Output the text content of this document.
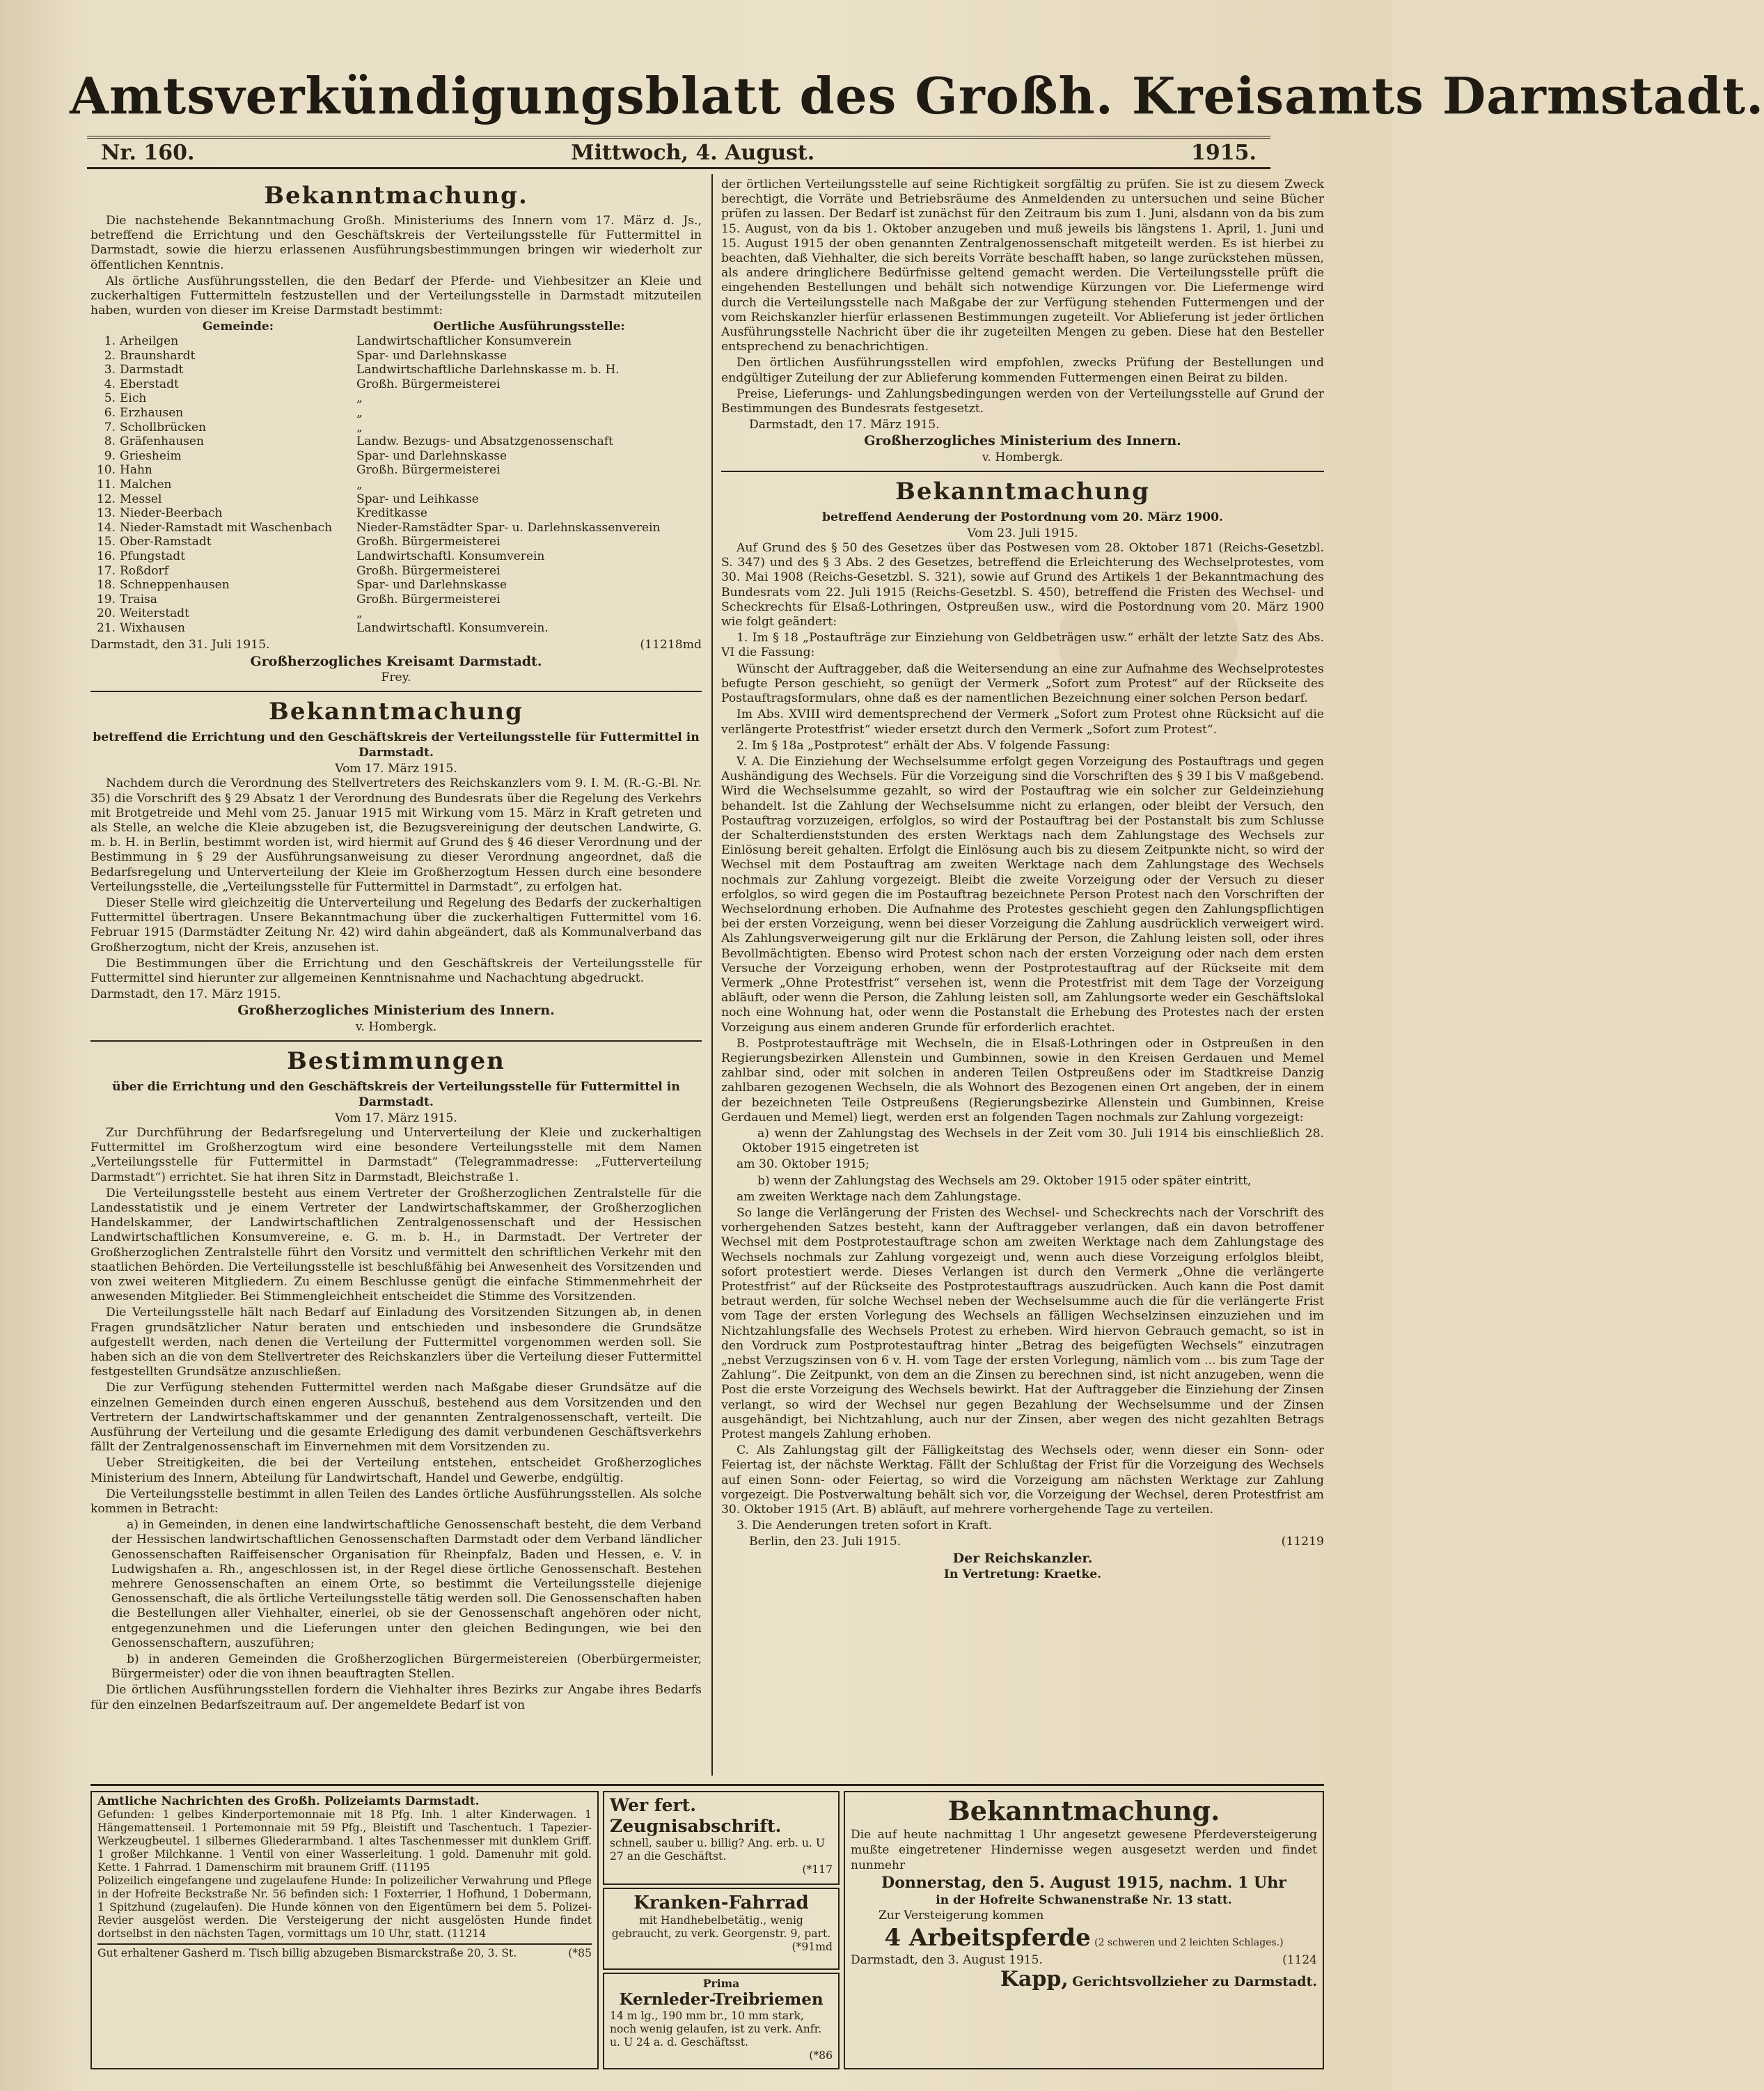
Amtsverkündigungsblatt des Großh. Kreisamts Darmstadt.
Nr. 160.	Mittwoch, 4. August.	1915.
Bekanntmachung.

Die nachstehende Bekanntmachung Großh. Ministeriums des Innern vom 17. März d. Js., betreffend die Errichtung und den Geschäftskreis der Verteilungsstelle für Futtermittel in Darmstadt, sowie die hierzu erlassenen Ausführungsbestimmungen bringen wir wiederholt zur öffentlichen Kenntnis.

Als örtliche Ausführungsstellen, die den Bedarf der Pferde- und Viehbesitzer an Kleie und zuckerhaltigen Futtermitteln festzustellen und der Verteilungsstelle in Darmstadt mitzuteilen haben, wurden von dieser im Kreise Darmstadt bestimmt:

	Gemeinde:	Oertliche Ausführungsstelle:
1.	Arheilgen	Landwirtschaftlicher Konsumverein
2.	Braunshardt	Spar- und Darlehnskasse
3.	Darmstadt	Landwirtschaftliche Darlehnskasse m. b. H.
4.	Eberstadt	Großh. Bürgermeisterei
5.	Eich	„
6.	Erzhausen	„
7.	Schollbrücken	„
8.	Gräfenhausen	Landw. Bezugs- und Absatzgenossenschaft
9.	Griesheim	Spar- und Darlehnskasse
10.	Hahn	Großh. Bürgermeisterei
11.	Malchen	„
12.	Messel	Spar- und Leihkasse
13.	Nieder-Beerbach	Kreditkasse
14.	Nieder-Ramstadt mit Waschenbach	Nieder-Ramstädter Spar- u. Darlehnskassenverein
15.	Ober-Ramstadt	Großh. Bürgermeisterei
16.	Pfungstadt	Landwirtschaftl. Konsumverein
17.	Roßdorf	Großh. Bürgermeisterei
18.	Schneppenhausen	Spar- und Darlehnskasse
19.	Traisa	Großh. Bürgermeisterei
20.	Weiterstadt	„
21.	Wixhausen	Landwirtschaftl. Konsumverein.

Darmstadt, den 31. Juli 1915.	(11218md

Großherzogliches Kreisamt Darmstadt.
Frey.
Bekanntmachung
betreffend die Errichtung und den Geschäftskreis der Verteilungsstelle für Futtermittel in Darmstadt.
Vom 17. März 1915.

Nachdem durch die Verordnung des Stellvertreters des Reichskanzlers vom 9. I. M. (R.-G.-Bl. Nr. 35) die Vorschrift des § 29 Absatz 1 der Verordnung des Bundesrats über die Regelung des Verkehrs mit Brotgetreide und Mehl vom 25. Januar 1915 mit Wirkung vom 15. März in Kraft getreten und als Stelle, an welche die Kleie abzugeben ist, die Bezugsvereinigung der deutschen Landwirte, G. m. b. H. in Berlin, bestimmt worden ist, wird hiermit auf Grund des § 46 dieser Verordnung und der Bestimmung in § 29 der Ausführungsanweisung zu dieser Verordnung angeordnet, daß die Bedarfsregelung und Unterverteilung der Kleie im Großherzogtum Hessen durch eine besondere Verteilungsstelle, die „Verteilungsstelle für Futtermittel in Darmstadt“, zu erfolgen hat.

Dieser Stelle wird gleichzeitig die Unterverteilung und Regelung des Bedarfs der zuckerhaltigen Futtermittel übertragen. Unsere Bekanntmachung über die zuckerhaltigen Futtermittel vom 16. Februar 1915 (Darmstädter Zeitung Nr. 42) wird dahin abgeändert, daß als Kommunalverband das Großherzogtum, nicht der Kreis, anzusehen ist.

Die Bestimmungen über die Errichtung und den Geschäftskreis der Verteilungsstelle für Futtermittel sind hierunter zur allgemeinen Kenntnisnahme und Nachachtung abgedruckt.

Darmstadt, den 17. März 1915.

Großherzogliches Ministerium des Innern.
v. Hombergk.
Bestimmungen
über die Errichtung und den Geschäftskreis der Verteilungsstelle für Futtermittel in Darmstadt.
Vom 17. März 1915.

Zur Durchführung der Bedarfsregelung und Unterverteilung der Kleie und zuckerhaltigen Futtermittel im Großherzogtum wird eine besondere Verteilungsstelle mit dem Namen „Verteilungsstelle für Futtermittel in Darmstadt“ (Telegrammadresse: „Futterverteilung Darmstadt“) errichtet. Sie hat ihren Sitz in Darmstadt, Bleichstraße 1.

Die Verteilungsstelle besteht aus einem Vertreter der Großherzoglichen Zentralstelle für die Landesstatistik und je einem Vertreter der Landwirtschaftskammer, der Großherzoglichen Handelskammer, der Landwirtschaftlichen Zentralgenossenschaft und der Hessischen Landwirtschaftlichen Konsumvereine, e. G. m. b. H., in Darmstadt. Der Vertreter der Großherzoglichen Zentralstelle führt den Vorsitz und vermittelt den schriftlichen Verkehr mit den staatlichen Behörden. Die Verteilungsstelle ist beschlußfähig bei Anwesenheit des Vorsitzenden und von zwei weiteren Mitgliedern. Zu einem Beschlusse genügt die einfache Stimmenmehrheit der anwesenden Mitglieder. Bei Stimmengleichheit entscheidet die Stimme des Vorsitzenden.

Die Verteilungsstelle hält nach Bedarf auf Einladung des Vorsitzenden Sitzungen ab, in denen Fragen grundsätzlicher Natur beraten und entschieden und insbesondere die Grundsätze aufgestellt werden, nach denen die Verteilung der Futtermittel vorgenommen werden soll. Sie haben sich an die von dem Stellvertreter des Reichskanzlers über die Verteilung dieser Futtermittel festgestellten Grundsätze anzuschließen.

Die zur Verfügung stehenden Futtermittel werden nach Maßgabe dieser Grundsätze auf die einzelnen Gemeinden durch einen engeren Ausschuß, bestehend aus dem Vorsitzenden und den Vertretern der Landwirtschaftskammer und der genannten Zentralgenossenschaft, verteilt. Die Ausführung der Verteilung und die gesamte Erledigung des damit verbundenen Geschäftsverkehrs fällt der Zentralgenossenschaft im Einvernehmen mit dem Vorsitzenden zu.

Ueber Streitigkeiten, die bei der Verteilung entstehen, entscheidet Großherzogliches Ministerium des Innern, Abteilung für Landwirtschaft, Handel und Gewerbe, endgültig.

Die Verteilungsstelle bestimmt in allen Teilen des Landes örtliche Ausführungsstellen. Als solche kommen in Betracht:

a) in Gemeinden, in denen eine landwirtschaftliche Genossenschaft besteht, die dem Verband der Hessischen landwirtschaftlichen Genossenschaften Darmstadt oder dem Verband ländlicher Genossenschaften Raiffeisenscher Organisation für Rheinpfalz, Baden und Hessen, e. V. in Ludwigshafen a. Rh., angeschlossen ist, in der Regel diese örtliche Genossenschaft. Bestehen mehrere Genossenschaften an einem Orte, so bestimmt die Verteilungsstelle diejenige Genossenschaft, die als örtliche Verteilungsstelle tätig werden soll. Die Genossenschaften haben die Bestellungen aller Viehhalter, einerlei, ob sie der Genossenschaft angehören oder nicht, entgegenzunehmen und die Lieferungen unter den gleichen Bedingungen, wie bei den Genossenschaftern, auszuführen;

b) in anderen Gemeinden die Großherzoglichen Bürgermeistereien (Oberbürgermeister, Bürgermeister) oder die von ihnen beauftragten Stellen.

Die örtlichen Ausführungsstellen fordern die Viehhalter ihres Bezirks zur Angabe ihres Bedarfs für den einzelnen Bedarfszeitraum auf. Der angemeldete Bedarf ist von

der örtlichen Verteilungsstelle auf seine Richtigkeit sorgfältig zu prüfen. Sie ist zu diesem Zweck berechtigt, die Vorräte und Betriebsräume des Anmeldenden zu untersuchen und seine Bücher prüfen zu lassen. Der Bedarf ist zunächst für den Zeitraum bis zum 1. Juni, alsdann von da bis zum 15. August, von da bis 1. Oktober anzugeben und muß jeweils bis längstens 1. April, 1. Juni und 15. August 1915 der oben genannten Zentralgenossenschaft mitgeteilt werden. Es ist hierbei zu beachten, daß Viehhalter, die sich bereits Vorräte beschafft haben, so lange zurückstehen müssen, als andere dringlichere Bedürfnisse geltend gemacht werden. Die Verteilungsstelle prüft die eingehenden Bestellungen und behält sich notwendige Kürzungen vor. Die Liefermenge wird durch die Verteilungsstelle nach Maßgabe der zur Verfügung stehenden Futtermengen und der vom Reichskanzler hierfür erlassenen Bestimmungen zugeteilt. Vor Ablieferung ist jeder örtlichen Ausführungsstelle Nachricht über die ihr zugeteilten Mengen zu geben. Diese hat den Besteller entsprechend zu benachrichtigen.

Den örtlichen Ausführungsstellen wird empfohlen, zwecks Prüfung der Bestellungen und endgültiger Zuteilung der zur Ablieferung kommenden Futtermengen einen Beirat zu bilden.

Preise, Lieferungs- und Zahlungsbedingungen werden von der Verteilungsstelle auf Grund der Bestimmungen des Bundesrats festgesetzt.

Darmstadt, den 17. März 1915.

Großherzogliches Ministerium des Innern.
v. Hombergk.
Bekanntmachung
betreffend Aenderung der Postordnung vom 20. März 1900.
Vom 23. Juli 1915.

Auf Grund des § 50 des Gesetzes über das Postwesen vom 28. Oktober 1871 (Reichs-Gesetzbl. S. 347) und des § 3 Abs. 2 des Gesetzes, betreffend die Erleichterung des Wechselprotestes, vom 30. Mai 1908 (Reichs-Gesetzbl. S. 321), sowie auf Grund des Artikels 1 der Bekanntmachung des Bundesrats vom 22. Juli 1915 (Reichs-Gesetzbl. S. 450), betreffend die Fristen des Wechsel- und Scheckrechts für Elsaß-Lothringen, Ostpreußen usw., wird die Postordnung vom 20. März 1900 wie folgt geändert:

1. Im § 18 „Postaufträge zur Einziehung von Geldbeträgen usw.“ erhält der letzte Satz des Abs. VI die Fassung:

Wünscht der Auftraggeber, daß die Weitersendung an eine zur Aufnahme des Wechselprotestes befugte Person geschieht, so genügt der Vermerk „Sofort zum Protest“ auf der Rückseite des Postauftragsformulars, ohne daß es der namentlichen Bezeichnung einer solchen Person bedarf.

Im Abs. XVIII wird dementsprechend der Vermerk „Sofort zum Protest ohne Rücksicht auf die verlängerte Protestfrist“ wieder ersetzt durch den Vermerk „Sofort zum Protest“.

2. Im § 18a „Postprotest“ erhält der Abs. V folgende Fassung:

V. A. Die Einziehung der Wechselsumme erfolgt gegen Vorzeigung des Postauftrags und gegen Aushändigung des Wechsels. Für die Vorzeigung sind die Vorschriften des § 39 I bis V maßgebend. Wird die Wechselsumme gezahlt, so wird der Postauftrag wie ein solcher zur Geldeinziehung behandelt. Ist die Zahlung der Wechselsumme nicht zu erlangen, oder bleibt der Versuch, den Postauftrag vorzuzeigen, erfolglos, so wird der Postauftrag bei der Postanstalt bis zum Schlusse der Schalterdienststunden des ersten Werktags nach dem Zahlungstage des Wechsels zur Einlösung bereit gehalten. Erfolgt die Einlösung auch bis zu diesem Zeitpunkte nicht, so wird der Wechsel mit dem Postauftrag am zweiten Werktage nach dem Zahlungstage des Wechsels nochmals zur Zahlung vorgezeigt. Bleibt die zweite Vorzeigung oder der Versuch zu dieser erfolglos, so wird gegen die im Postauftrag bezeichnete Person Protest nach den Vorschriften der Wechselordnung erhoben. Die Aufnahme des Protestes geschieht gegen den Zahlungspflichtigen bei der ersten Vorzeigung, wenn bei dieser Vorzeigung die Zahlung ausdrücklich verweigert wird. Als Zahlungsverweigerung gilt nur die Erklärung der Person, die Zahlung leisten soll, oder ihres Bevollmächtigten. Ebenso wird Protest schon nach der ersten Vorzeigung oder nach dem ersten Versuche der Vorzeigung erhoben, wenn der Postprotestauftrag auf der Rückseite mit dem Vermerk „Ohne Protestfrist“ versehen ist, wenn die Protestfrist mit dem Tage der Vorzeigung abläuft, oder wenn die Person, die Zahlung leisten soll, am Zahlungsorte weder ein Geschäftslokal noch eine Wohnung hat, oder wenn die Postanstalt die Erhebung des Protestes nach der ersten Vorzeigung aus einem anderen Grunde für erforderlich erachtet.

B. Postprotestaufträge mit Wechseln, die in Elsaß-Lothringen oder in Ostpreußen in den Regierungsbezirken Allenstein und Gumbinnen, sowie in den Kreisen Gerdauen und Memel zahlbar sind, oder mit solchen in anderen Teilen Ostpreußens oder im Stadtkreise Danzig zahlbaren gezogenen Wechseln, die als Wohnort des Bezogenen einen Ort angeben, der in einem der bezeichneten Teile Ostpreußens (Regierungsbezirke Allenstein und Gumbinnen, Kreise Gerdauen und Memel) liegt, werden erst an folgenden Tagen nochmals zur Zahlung vorgezeigt:

a) wenn der Zahlungstag des Wechsels in der Zeit vom 30. Juli 1914 bis einschließlich 28. Oktober 1915 eingetreten ist

am 30. Oktober 1915;

b) wenn der Zahlungstag des Wechsels am 29. Oktober 1915 oder später eintritt,

am zweiten Werktage nach dem Zahlungstage.

So lange die Verlängerung der Fristen des Wechsel- und Scheckrechts nach der Vorschrift des vorhergehenden Satzes besteht, kann der Auftraggeber verlangen, daß ein davon betroffener Wechsel mit dem Postprotestauftrage schon am zweiten Werktage nach dem Zahlungstage des Wechsels nochmals zur Zahlung vorgezeigt und, wenn auch diese Vorzeigung erfolglos bleibt, sofort protestiert werde. Dieses Verlangen ist durch den Vermerk „Ohne die verlängerte Protestfrist“ auf der Rückseite des Postprotestauftrags auszudrücken. Auch kann die Post damit betraut werden, für solche Wechsel neben der Wechselsumme auch die für die verlängerte Frist vom Tage der ersten Vorlegung des Wechsels an fälligen Wechselzinsen einzuziehen und im Nichtzahlungsfalle des Wechsels Protest zu erheben. Wird hiervon Gebrauch gemacht, so ist in den Vordruck zum Postprotestauftrag hinter „Betrag des beigefügten Wechsels“ einzutragen „nebst Verzugszinsen von 6 v. H. vom Tage der ersten Vorlegung, nämlich vom ... bis zum Tage der Zahlung“. Die Zeitpunkt, von dem an die Zinsen zu berechnen sind, ist nicht anzugeben, wenn die Post die erste Vorzeigung des Wechsels bewirkt. Hat der Auftraggeber die Einziehung der Zinsen verlangt, so wird der Wechsel nur gegen Bezahlung der Wechselsumme und der Zinsen ausgehändigt, bei Nichtzahlung, auch nur der Zinsen, aber wegen des nicht gezahlten Betrags Protest mangels Zahlung erhoben.

C. Als Zahlungstag gilt der Fälligkeitstag des Wechsels oder, wenn dieser ein Sonn- oder Feiertag ist, der nächste Werktag. Fällt der Schlußtag der Frist für die Vorzeigung des Wechsels auf einen Sonn- oder Feiertag, so wird die Vorzeigung am nächsten Werktage zur Zahlung vorgezeigt. Die Postverwaltung behält sich vor, die Vorzeigung der Wechsel, deren Protestfrist am 30. Oktober 1915 (Art. B) abläuft, auf mehrere vorhergehende Tage zu verteilen.

3. Die Aenderungen treten sofort in Kraft.

Berlin, den 23. Juli 1915.	(11219

Der Reichskanzler.
In Vertretung: Kraetke.
Amtliche Nachrichten des Großh. Polizeiamts Darmstadt.
Gefunden: 1 gelbes Kinderportemonnaie mit 18 Pfg. Inh. 1 alter Kinderwagen. 1 Hängemattenseil. 1 Portemonnaie mit 59 Pfg., Bleistift und Taschentuch. 1 Tapezier-Werkzeugbeutel. 1 silbernes Gliederarmband. 1 altes Taschenmesser mit dunklem Griff. 1 großer Milchkanne. 1 Ventil von einer Wasserleitung. 1 gold. Damenuhr mit gold. Kette. 1 Fahrrad. 1 Damenschirm mit braunem Griff. (11195
Polizeilich eingefangene und zugelaufene Hunde: In polizeilicher Verwahrung und Pflege in der Hofreite Beckstraße Nr. 56 befinden sich: 1 Foxterrier, 1 Hofhund, 1 Dobermann, 1 Spitzhund (zugelaufen). Die Hunde können von den Eigentümern bei dem 5. Polizei-Revier ausgelöst werden. Die Versteigerung der nicht ausgelösten Hunde findet dortselbst in den nächsten Tagen, vormittags um 10 Uhr, statt. (11214
Gut erhaltener Gasherd m. Tisch billig abzugeben Bismarckstraße 20, 3. St.	(*85
Wer fert. Zeugnisabschrift.
schnell, sauber u. billig? Ang. erb. u. U 27 an die Geschäftst.
(*117
Kranken-Fahrrad
mit Handhebelbetätig., wenig gebraucht, zu verk. Georgenstr. 9, part.
(*91md
Prima
Kernleder-Treibriemen
14 m lg., 190 mm br., 10 mm stark, noch wenig gelaufen, ist zu verk. Anfr. u. U 24 a. d. Geschäftsst.
(*86
Bekanntmachung.
Die auf heute nachmittag 1 Uhr angesetzt gewesene Pferdeversteigerung mußte eingetretener Hindernisse wegen ausgesetzt werden und findet nunmehr
Donnerstag, den 5. August 1915, nachm. 1 Uhr
in der Hofreite Schwanenstraße Nr. 13 statt.
Zur Versteigerung kommen
4 Arbeitspferde (2 schweren und 2 leichten Schlages.)
Darmstadt, den 3. August 1915.	(1124
Kapp, Gerichtsvollzieher zu Darmstadt.
